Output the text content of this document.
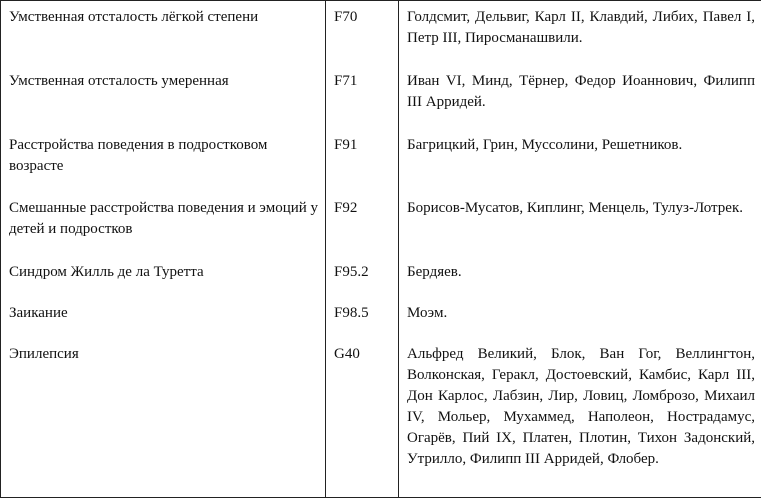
Умственная отсталость лёгкой степени	F70	Голдсмит, Дельвиг, Карл II, Клавдий, Либих, Павел I, Петр III, Пиросманашвили.
Умственная отсталость умеренная	F71	Иван VI, Минд, Тёрнер, Федор Иоаннович, Филипп III Арридей.
Расстройства поведения в подростковом возрасте	F91	Багрицкий, Грин, Муссолини, Решетников.
Смешанные расстройства поведения и эмоций у детей и подростков	F92	Борисов-Мусатов, Киплинг, Менцель, Тулуз-Лотрек.
Синдром Жилль де ла Туретта	F95.2	Бердяев.
Заикание	F98.5	Моэм.
Эпилепсия	G40	Альфред Великий, Блок, Ван Гог, Веллингтон, Волконская, Геракл, Достоевский, Камбис, Карл III, Дон Карлос, Лабзин, Лир, Ловиц, Ломброзо, Михаил IV, Мольер, Мухаммед, Наполеон, Нострадамус, Огарёв, Пий IX, Платен, Плотин, Тихон Задонский, Утрилло, Филипп III Арридей, Флобер.
